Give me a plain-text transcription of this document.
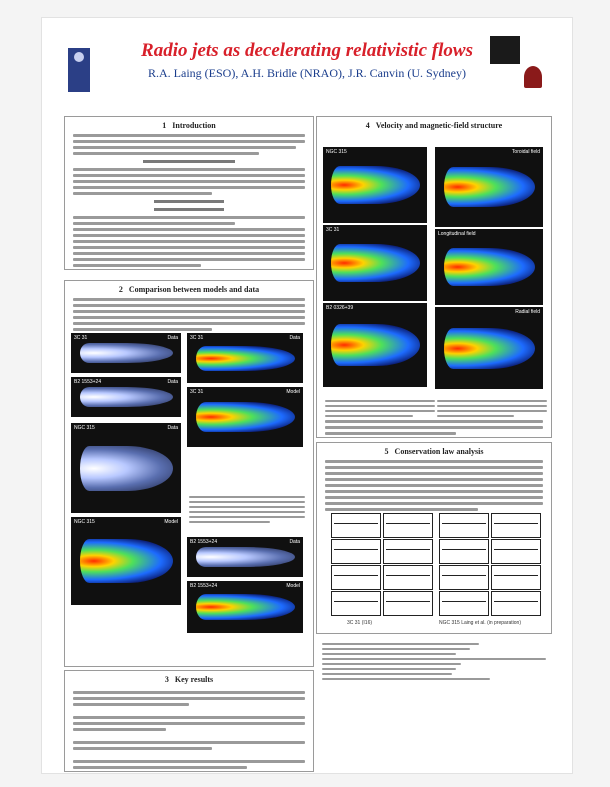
Radio jets as decelerating relativistic flows
R.A. Laing (ESO), A.H. Bridle (NRAO), J.R. Canvin (U. Sydney)
1 Introduction
2 Comparison between models and data
3C 31	Data 3C 31	Data
B2 1553+24	Data
3C 31	Model
NGC 315	Data
NGC 315	Model
B2 1553+24	Data
B2 1553+24	Model
3 Key results
4 Velocity and magnetic-field structure
NGC 315
3C 31
B2 0326+39
Toroidal field
Longitudinal field
Radial field
5 Conservation law analysis
3C 31 (I16)	NGC 315 Laing et al. (in preparation)
